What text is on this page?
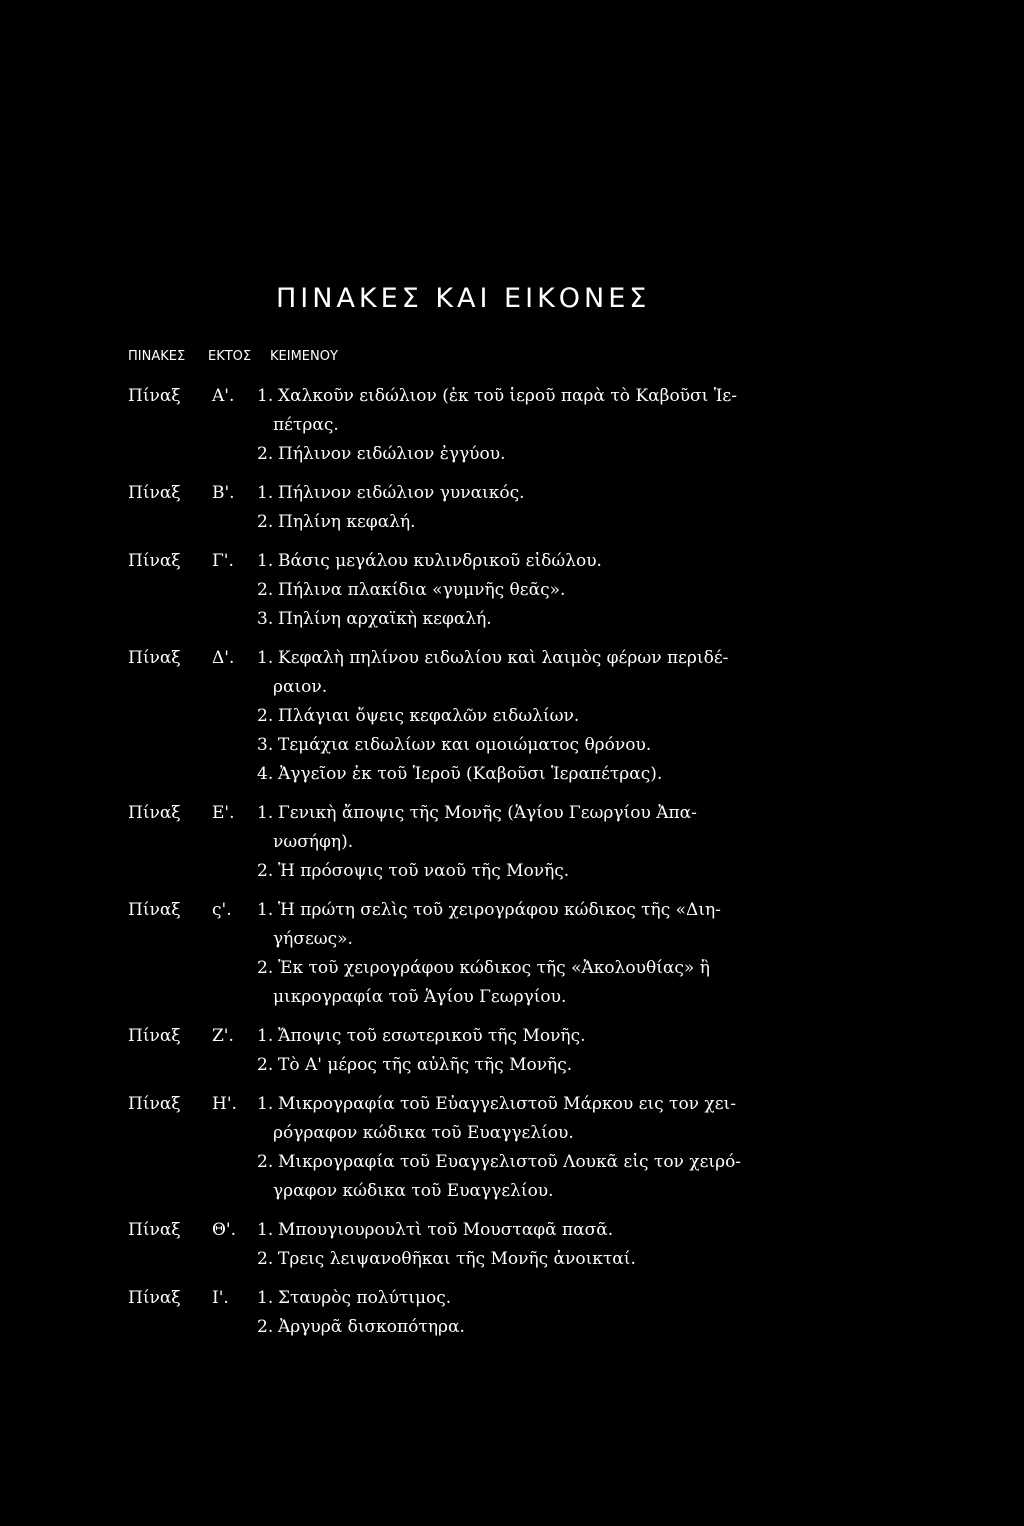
ΠΙΝΑΚΕΣ ΚΑΙ ΕΙΚΟΝΕΣ
ΠΙΝΑΚΕΣ ΕΚΤΟΣ ΚΕΙΜΕΝΟΥ
Πίναξ Α'. 1. Χαλκοῦν ειδώλιον (ἐκ τοῦ ἱεροῦ παρὰ τὸ Καβοῦσι Ἱε-
πέτρας.
2. Πήλινον ειδώλιον ἐγγύου.
Πίναξ Β'. 1. Πήλινον ειδώλιον γυναικός.
2. Πηλίνη κεφαλή.
Πίναξ Γ'. 1. Βάσις μεγάλου κυλινδρικοῦ εἰδώλου.
2. Πήλινα πλακίδια «γυμνῆς θεᾶς».
3. Πηλίνη αρχαϊκὴ κεφαλή.
Πίναξ Δ'. 1. Κεφαλὴ πηλίνου ειδωλίου καὶ λαιμὸς φέρων περιδέ-
ραιον.
2. Πλάγιαι ὄψεις κεφαλῶν ειδωλίων.
3. Τεμάχια ειδωλίων και ομοιώματος θρόνου.
4. Ἀγγεῖον ἐκ τοῦ Ἱεροῦ (Καβοῦσι Ἱεραπέτρας).
Πίναξ Ε'. 1. Γενικὴ ἄποψις τῆς Μονῆς (Ἁγίου Γεωργίου Ἀπα-
νωσήφη).
2. Ἡ πρόσοψις τοῦ ναοῦ τῆς Μονῆς.
Πίναξ ς'. 1. Ἡ πρώτη σελὶς τοῦ χειρογράφου κώδικος τῆς «Διη-
γήσεως».
2. Ἐκ τοῦ χειρογράφου κώδικος τῆς «Ἀκολουθίας» ἢ
μικρογραφία τοῦ Ἁγίου Γεωργίου.
Πίναξ Ζ'. 1. Ἄποψις τοῦ εσωτερικοῦ τῆς Μονῆς.
2. Τὸ Α' μέρος τῆς αὐλῆς τῆς Μονῆς.
Πίναξ Η'. 1. Μικρογραφία τοῦ Εὐαγγελιστοῦ Μάρκου εις τον χει-
ρόγραφον κώδικα τοῦ Ευαγγελίου.
2. Μικρογραφία τοῦ Ευαγγελιστοῦ Λουκᾶ εἰς τον χειρό-
γραφον κώδικα τοῦ Ευαγγελίου.
Πίναξ Θ'. 1. Μπουγιουρουλτὶ τοῦ Μουσταφᾶ πασᾶ.
2. Τρεις λειψανοθῆκαι τῆς Μονῆς ἀνοικταί.
Πίναξ Ι'. 1. Σταυρὸς πολύτιμος.
2. Ἀργυρᾶ δισκοπότηρα.
